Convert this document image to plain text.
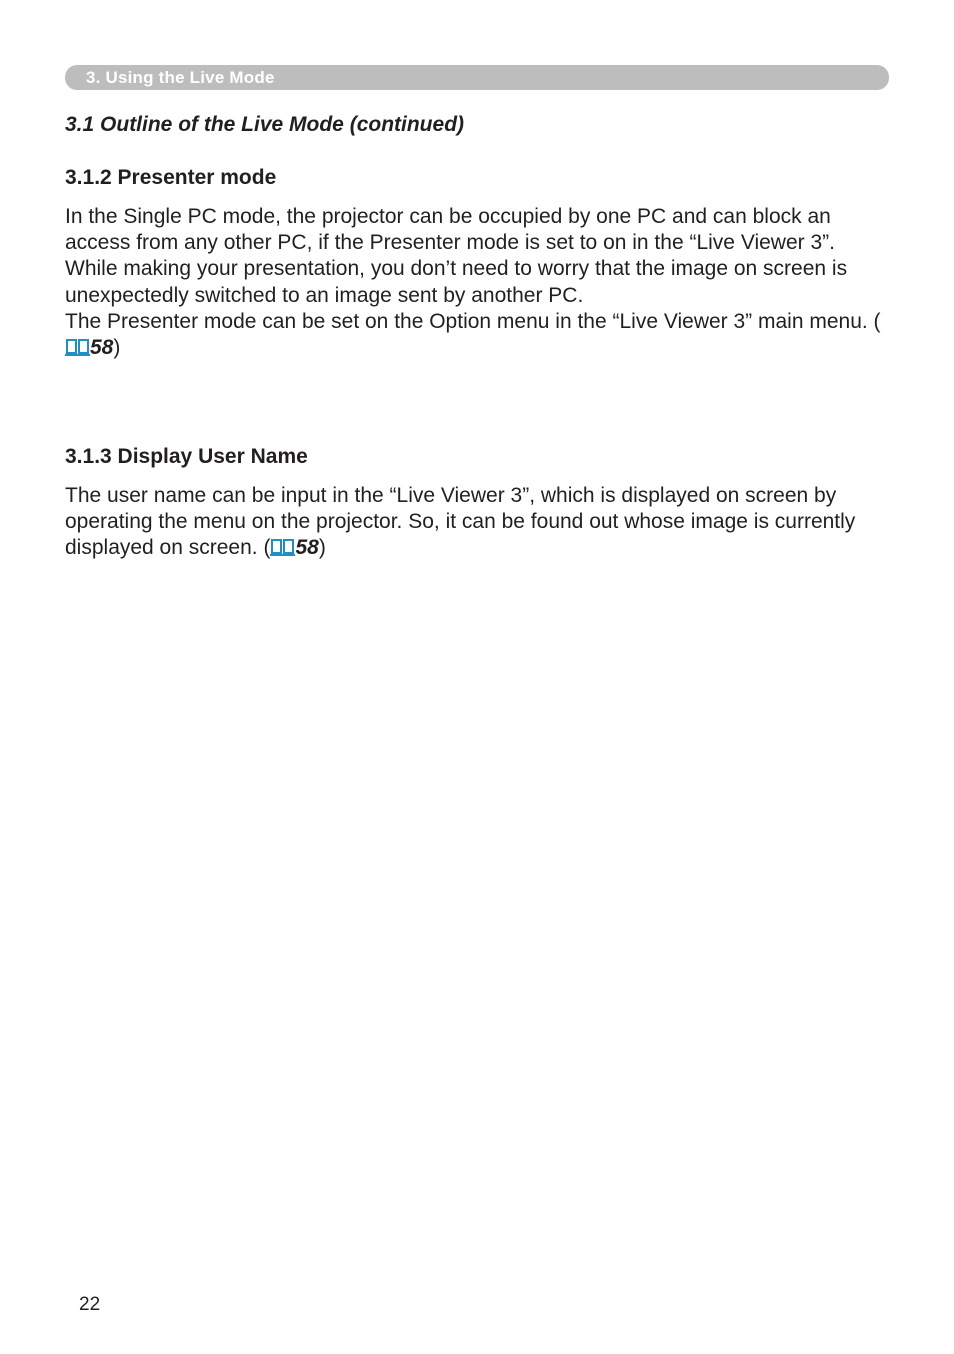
3. Using the Live Mode
3.1 Outline of the Live Mode (continued)
3.1.2 Presenter mode

In the Single PC mode, the projector can be occupied by one PC and can block an access from any other PC, if the Presenter mode is set to on in the “Live Viewer 3”.

While making your presentation, you don’t need to worry that the image on screen is unexpectedly switched to an image sent by another PC.

The Presenter mode can be set on the Option menu in the “Live Viewer 3” main menu. (58)

3.1.3 Display User Name

The user name can be input in the “Live Viewer 3”, which is displayed on screen by operating the menu on the projector. So, it can be found out whose image is currently displayed on screen. ( 58)

22
